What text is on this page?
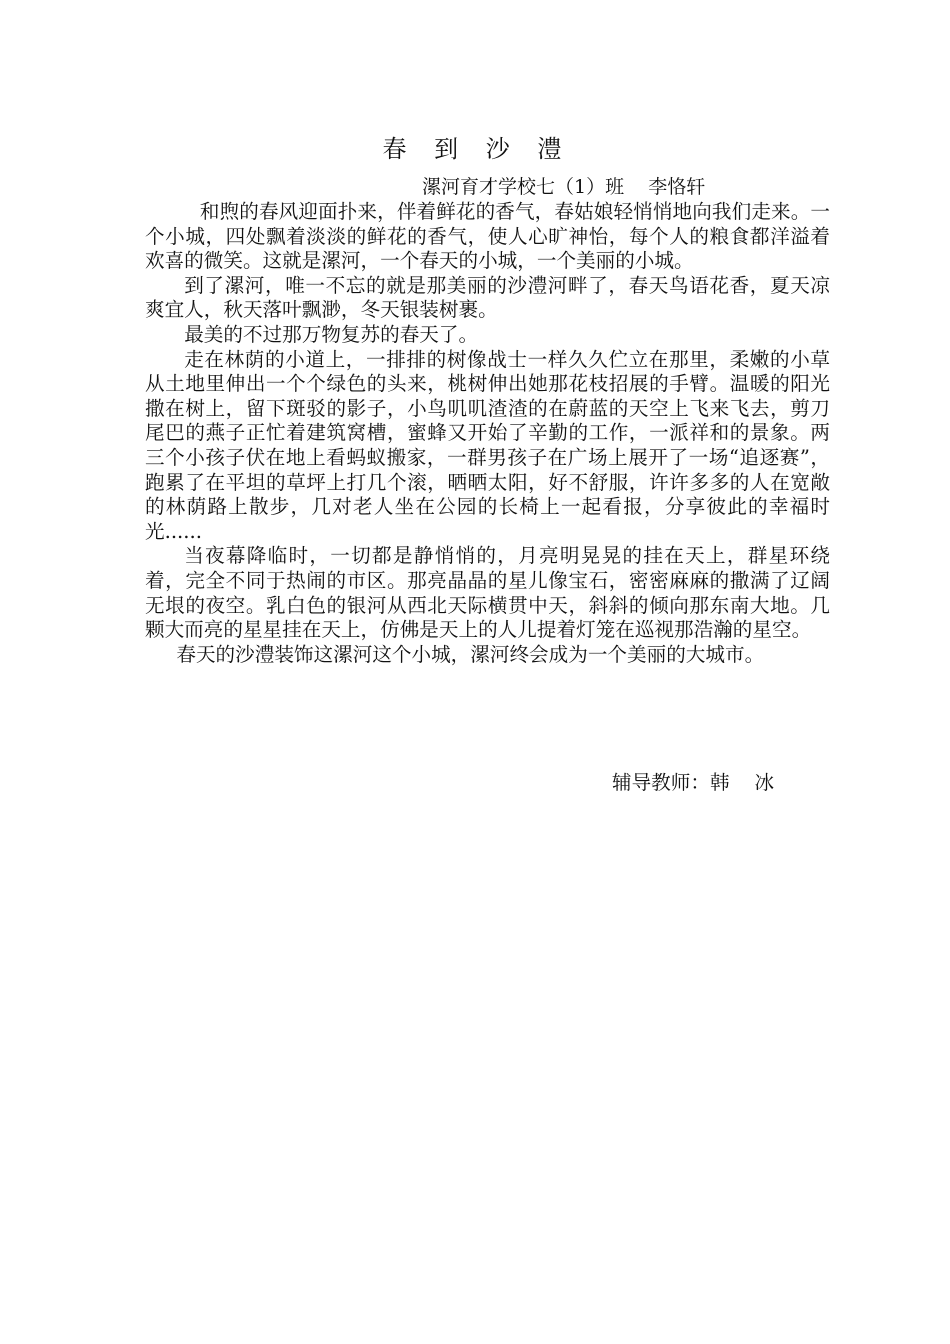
春 到 沙 澧
漯河育才学校七（1）班    李恪轩

和煦的春风迎面扑来，伴着鲜花的香气，春姑娘轻悄悄地向我们走来。一个小城，四处飘着淡淡的鲜花的香气，使人心旷神怡，每个人的粮食都洋溢着欢喜的微笑。这就是漯河，一个春天的小城，一个美丽的小城。

到了漯河，唯一不忘的就是那美丽的沙澧河畔了，春天鸟语花香，夏天凉爽宜人，秋天落叶飘渺，冬天银装树裹。

最美的不过那万物复苏的春天了。

走在林荫的小道上，一排排的树像战士一样久久伫立在那里，柔嫩的小草从土地里伸出一个个绿色的头来，桃树伸出她那花枝招展的手臂。温暖的阳光撒在树上，留下斑驳的影子，小鸟叽叽渣渣的在蔚蓝的天空上飞来飞去，剪刀尾巴的燕子正忙着建筑窝槽，蜜蜂又开始了辛勤的工作，一派祥和的景象。两三个小孩子伏在地上看蚂蚁搬家，一群男孩子在广场上展开了一场“追逐赛”，跑累了在平坦的草坪上打几个滚，晒晒太阳，好不舒服，许许多多的人在宽敞的林荫路上散步，几对老人坐在公园的长椅上一起看报，分享彼此的幸福时光......

当夜幕降临时，一切都是静悄悄的，月亮明晃晃的挂在天上，群星环绕着，完全不同于热闹的市区。那亮晶晶的星儿像宝石，密密麻麻的撒满了辽阔无垠的夜空。乳白色的银河从西北天际横贯中天，斜斜的倾向那东南大地。几颗大而亮的星星挂在天上，仿佛是天上的人儿提着灯笼在巡视那浩瀚的星空。

春天的沙澧装饰这漯河这个小城，漯河终会成为一个美丽的大城市。

辅导教师：韩    冰
